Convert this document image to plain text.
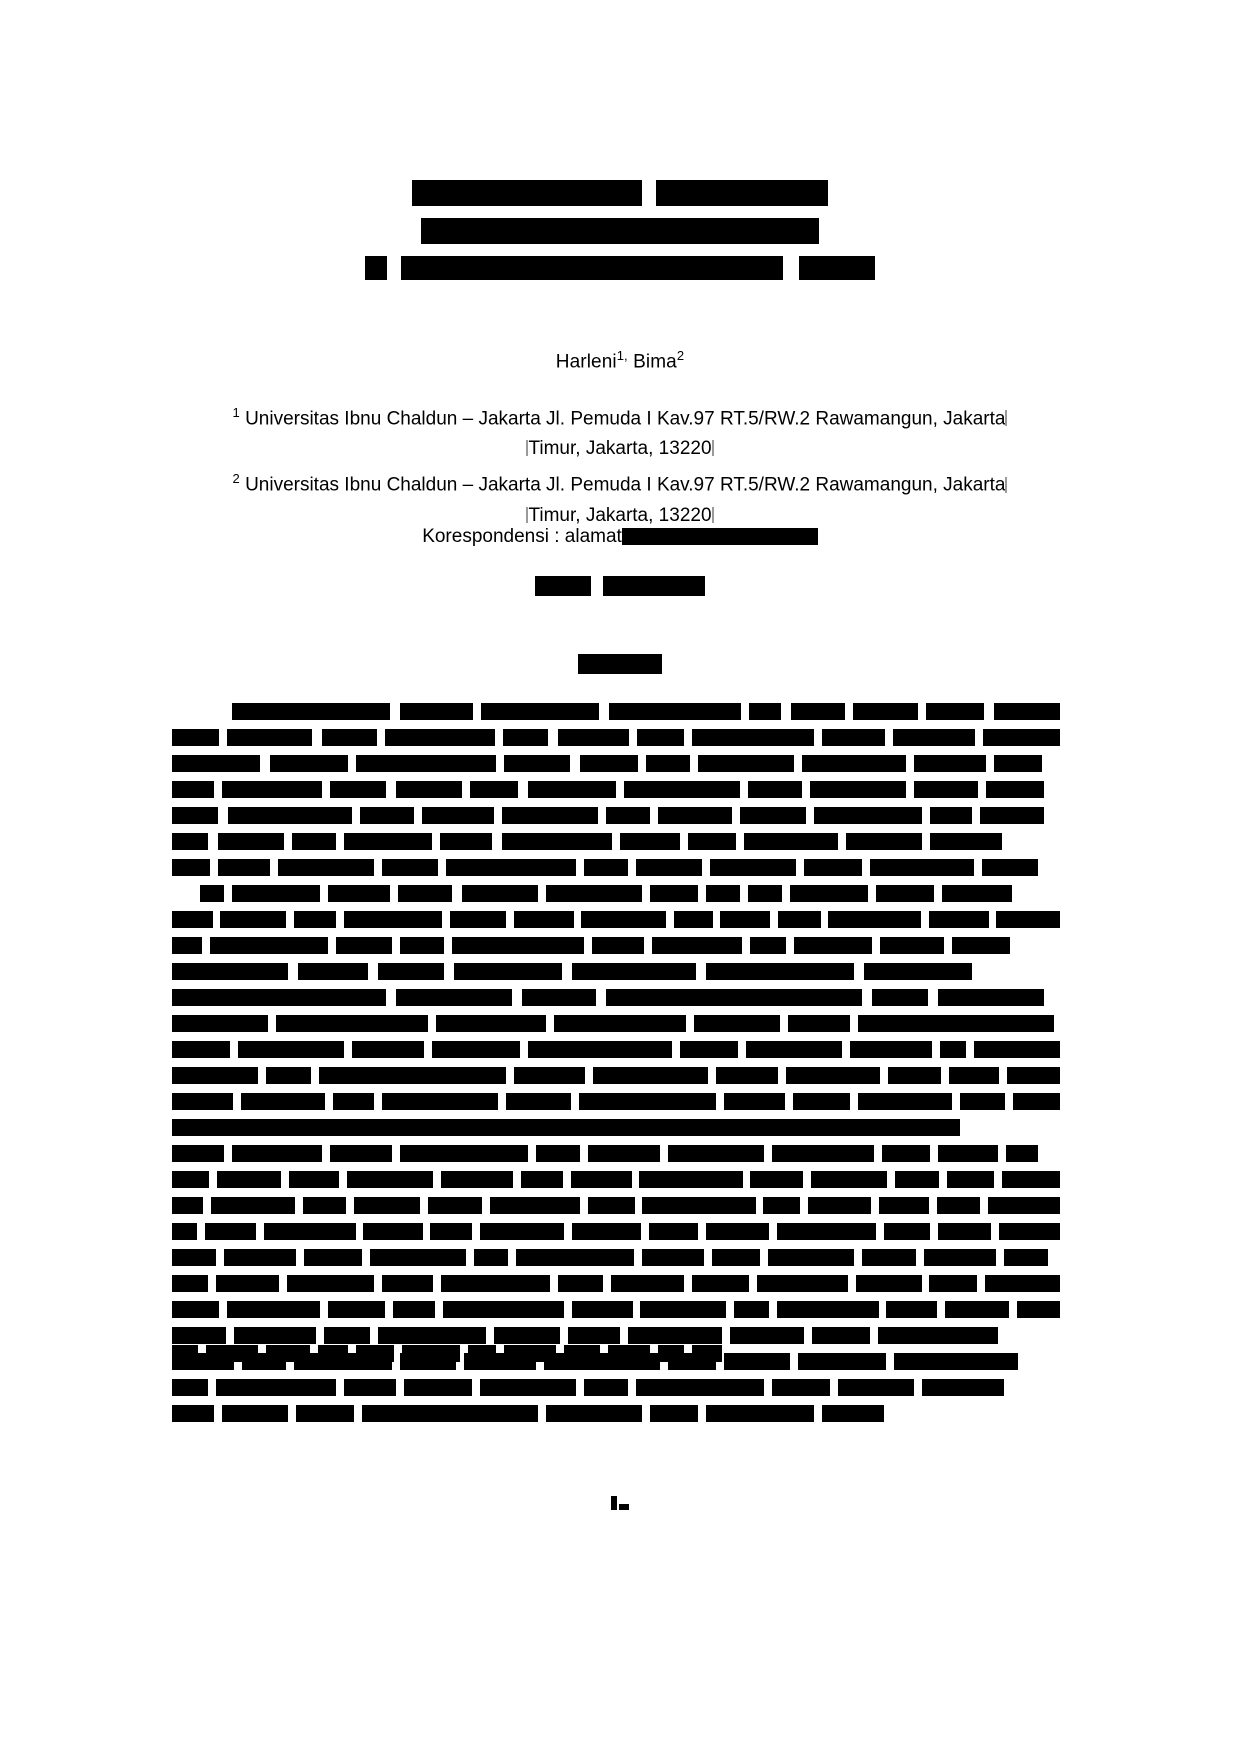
Harleni$^{1,}$ Bima$^2$
$^1$ Universitas Ibnu Chaldun – Jakarta Jl. Pemuda I Kav.97 RT.5/RW.2 Rawamangun, Jakarta
Timur, Jakarta, 13220
$^2$ Universitas Ibnu Chaldun – Jakarta Jl. Pemuda I Kav.97 RT.5/RW.2 Rawamangun, Jakarta
Timur, Jakarta, 13220
Korespondensi : alamat
